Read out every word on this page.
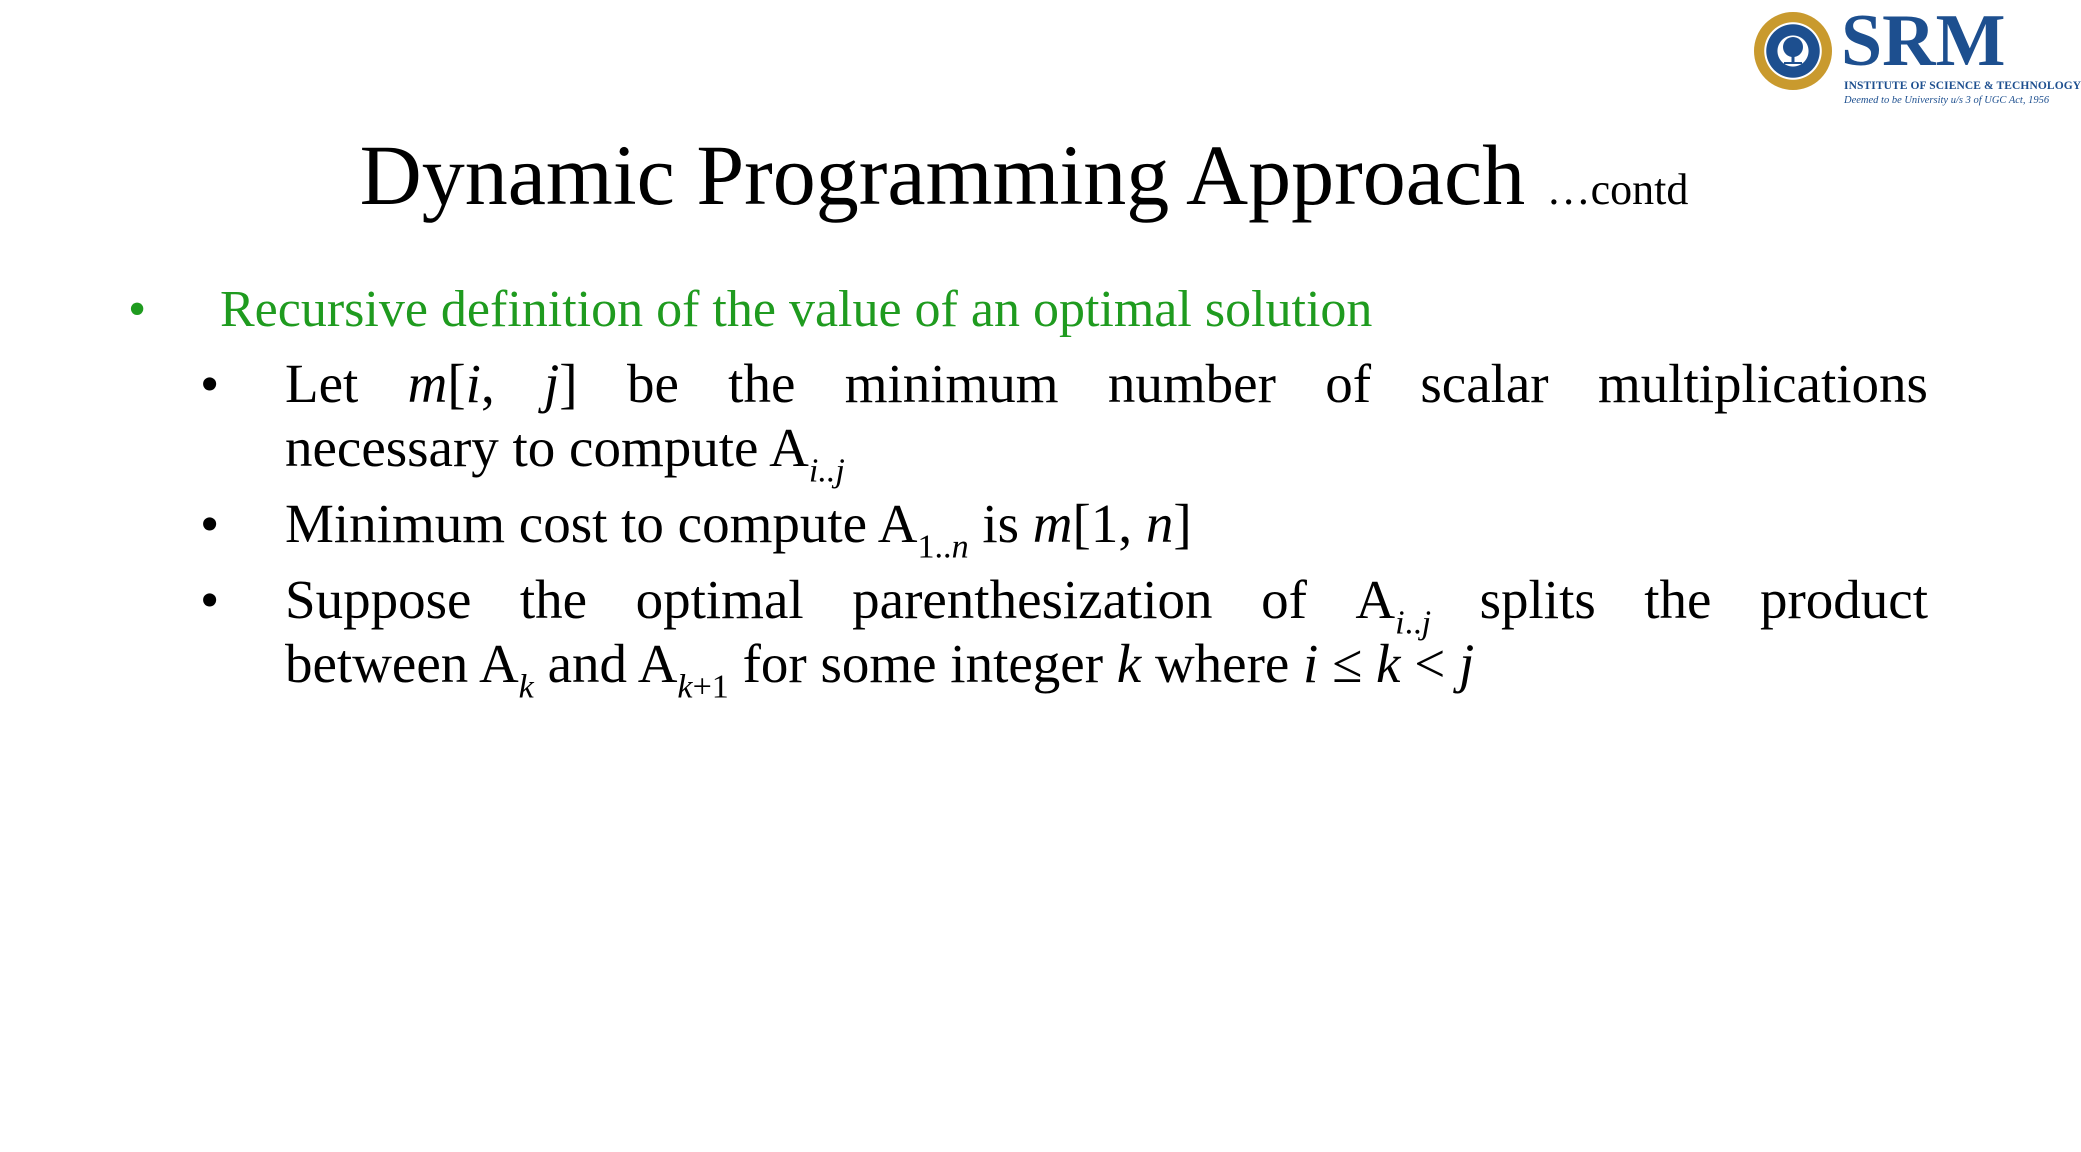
SRM
INSTITUTE OF SCIENCE & TECHNOLOGY
Deemed to be University u/s 3 of UGC Act, 1956
Dynamic Programming Approach …contd
•	Recursive definition of the value of an optimal solution
• Let m[i, j] be the minimum number of scalar multiplications
necessary to compute $A_{i..j}$
• Minimum cost to compute $A_{1..n}$ is m[1, n]
• Suppose the optimal parenthesization of $A_{i..j}$ splits the product
between $A_k$ and $A_{k+1}$ for some integer k where i ≤ k < j
